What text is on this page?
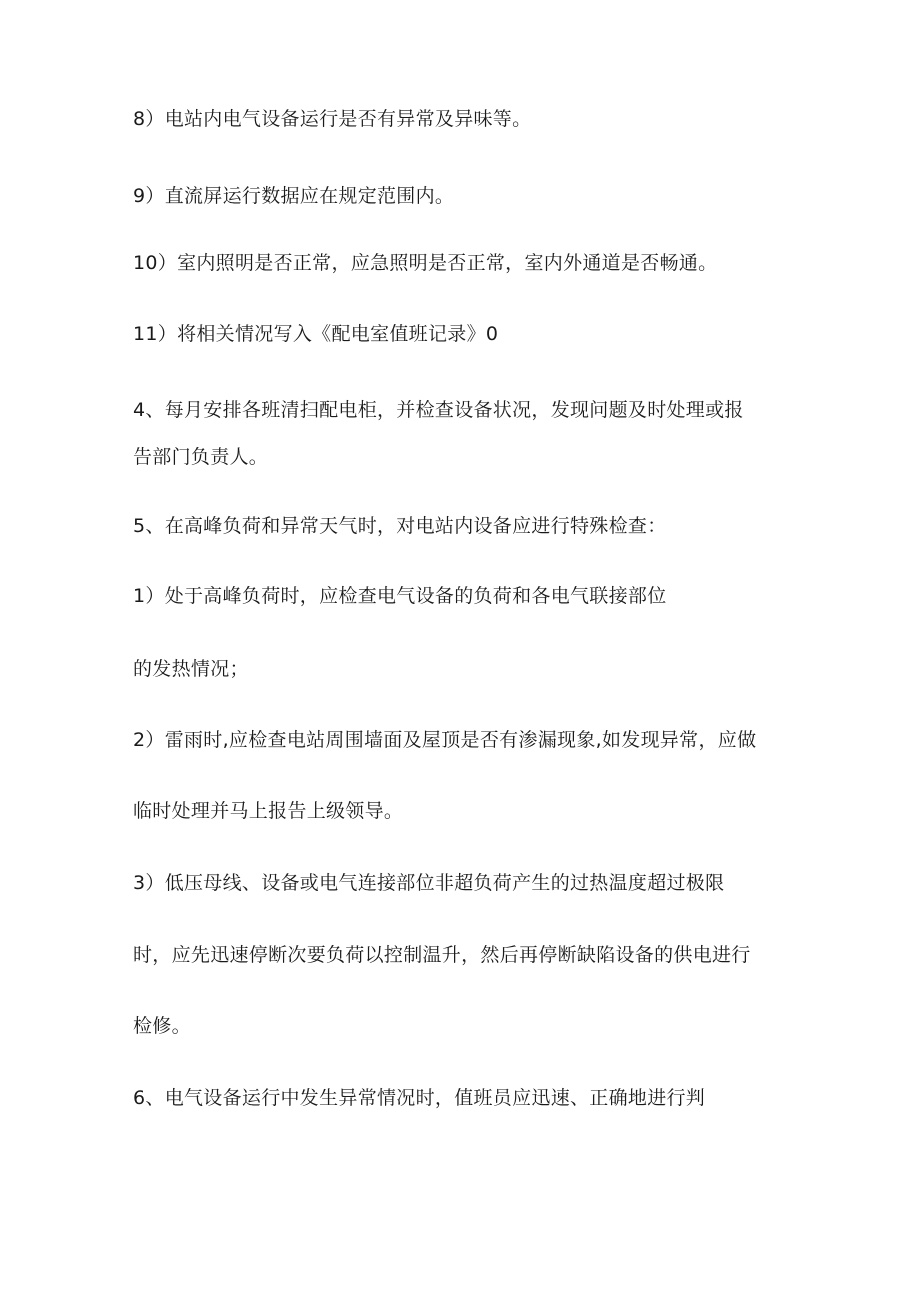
8）电站内电气设备运行是否有异常及异味等。
9）直流屏运行数据应在规定范围内。
10）室内照明是否正常，应急照明是否正常，室内外通道是否畅通。
11）将相关情况写入《配电室值班记录》0
4、每月安排各班清扫配电柜，并检查设备状况，发现问题及时处理或报
告部门负责人。
5、在高峰负荷和异常天气时，对电站内设备应进行特殊检查：
1）处于高峰负荷时，应检查电气设备的负荷和各电气联接部位
的发热情况；
2）雷雨时,应检查电站周围墙面及屋顶是否有渗漏现象,如发现异常，应做
临时处理并马上报告上级领导。
3）低压母线、设备或电气连接部位非超负荷产生的过热温度超过极限
时，应先迅速停断次要负荷以控制温升，然后再停断缺陷设备的供电进行
检修。
6、电气设备运行中发生异常情况时，值班员应迅速、正确地进行判
